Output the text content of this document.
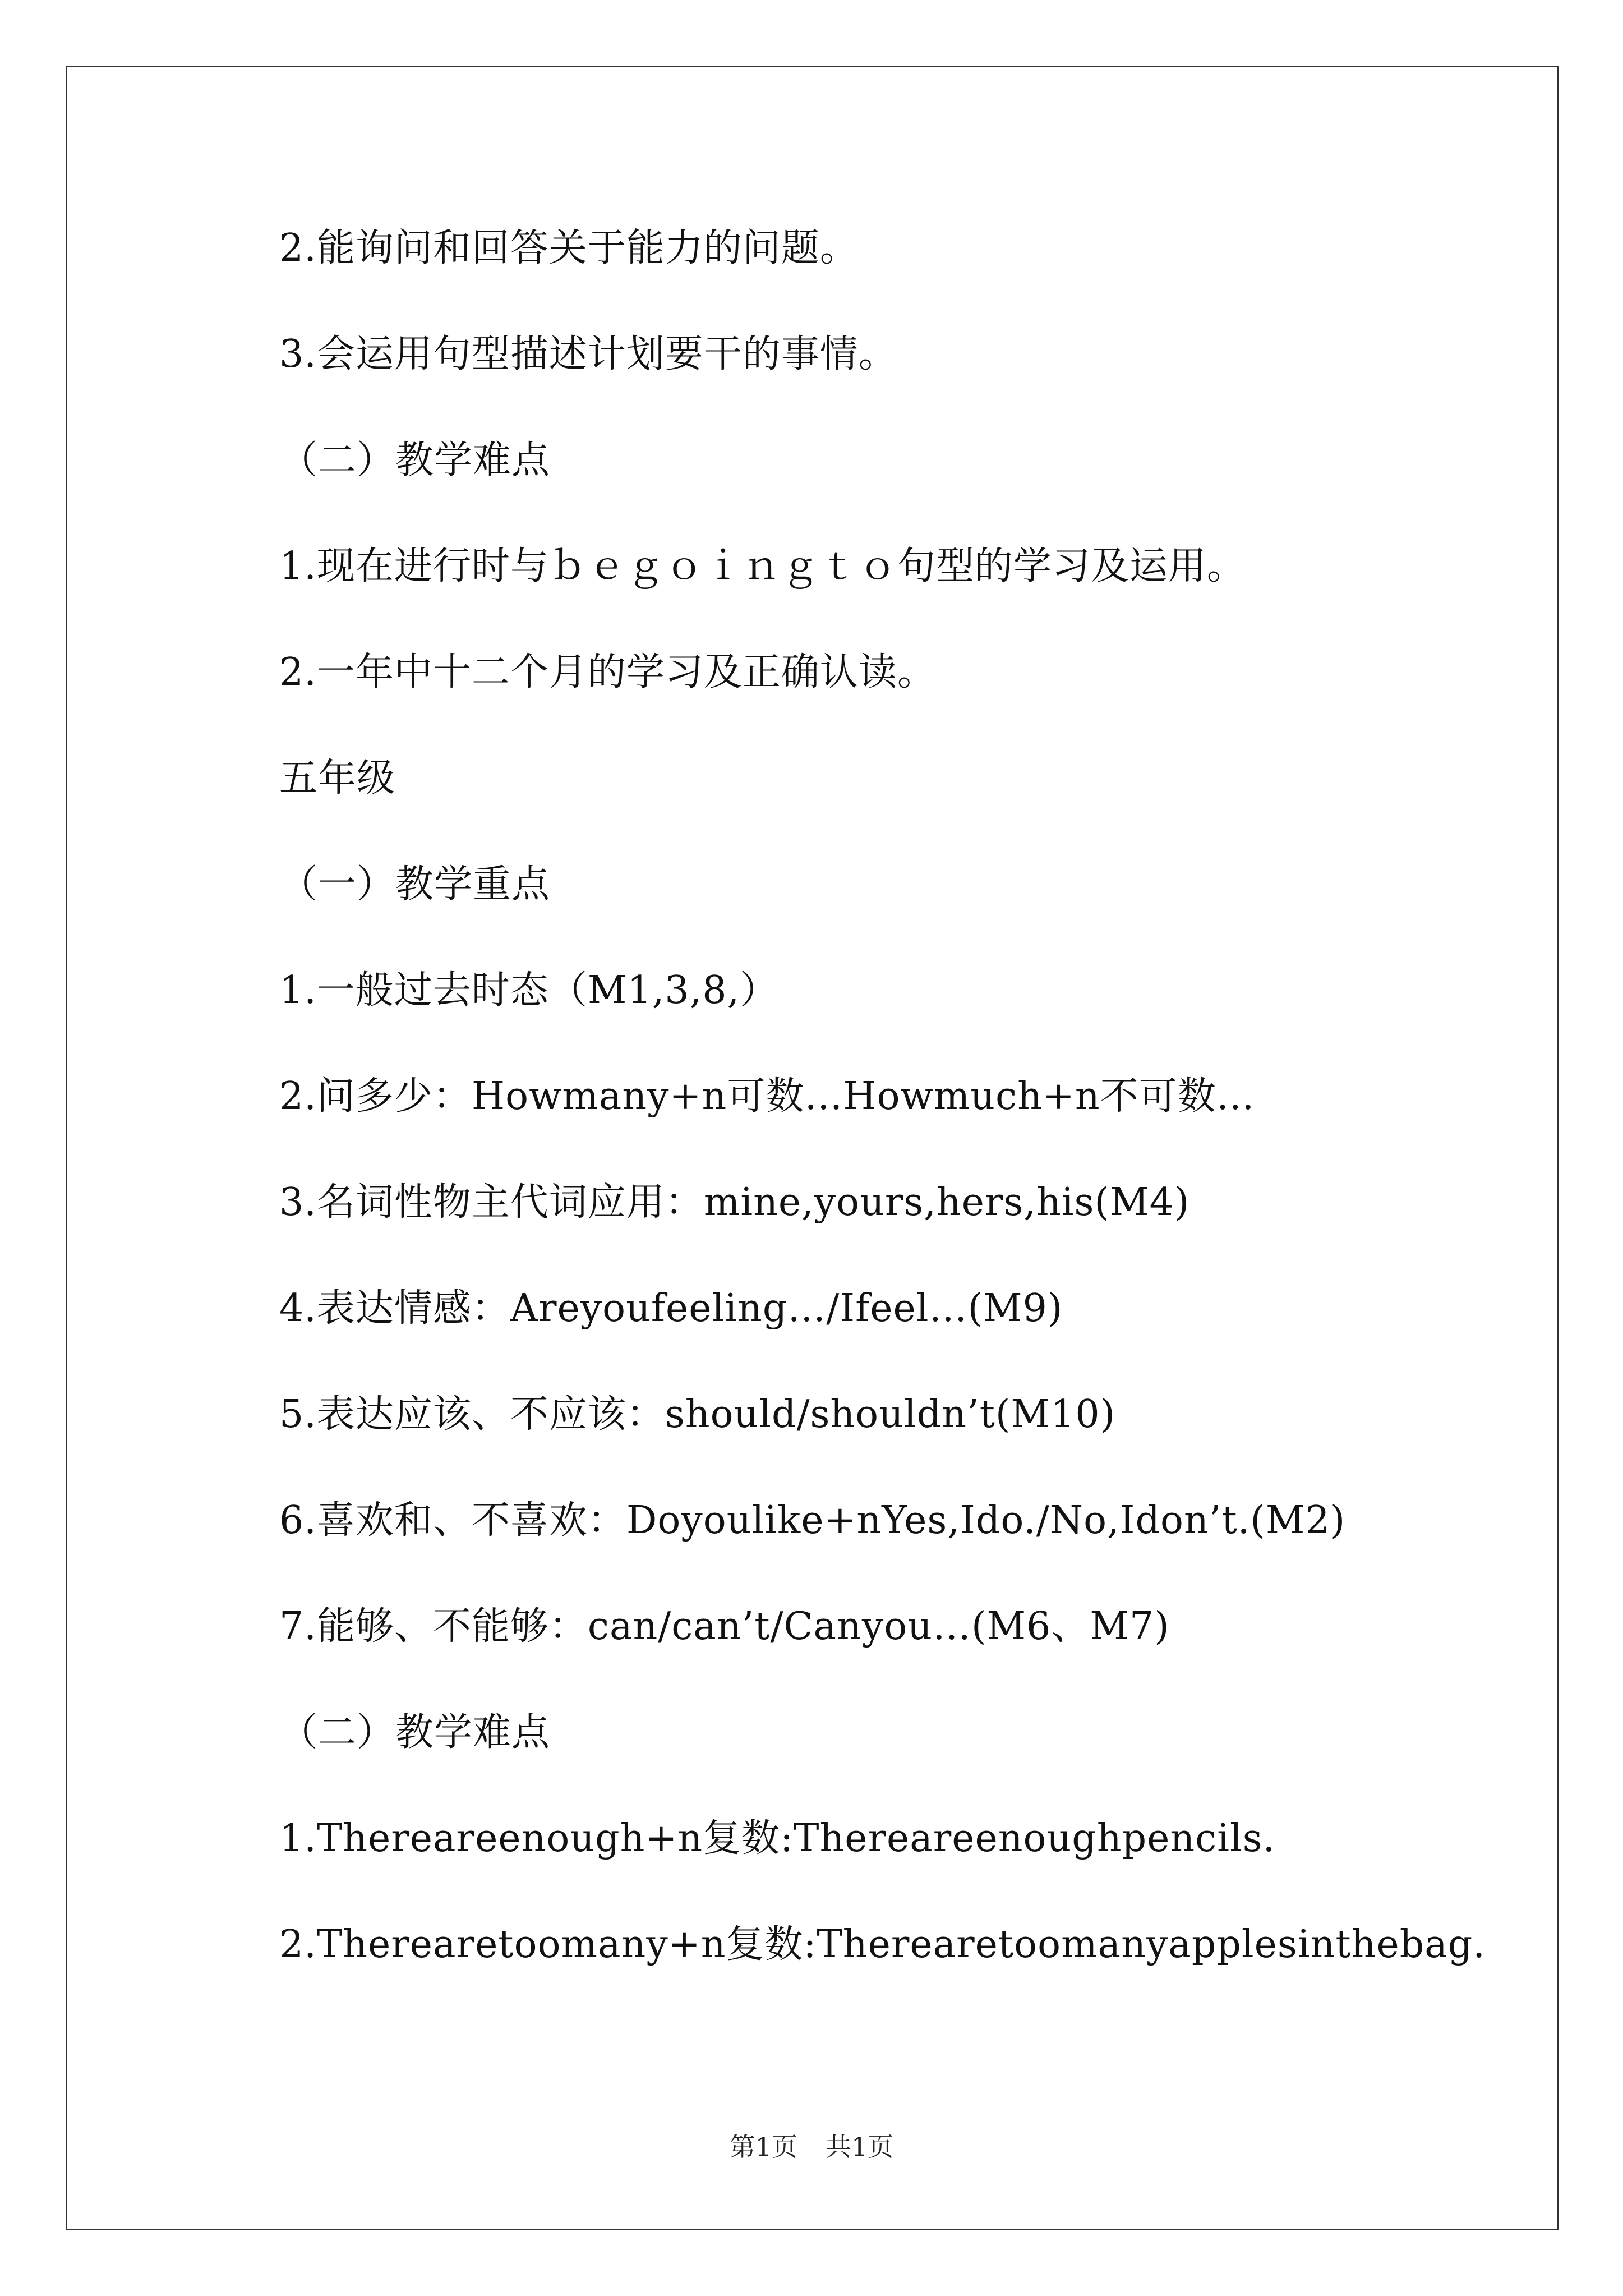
2.能询问和回答关于能力的问题。
3.会运用句型描述计划要干的事情。
（二）教学难点
1.现在进行时与ｂｅｇｏｉｎｇｔｏ句型的学习及运用。
2.一年中十二个月的学习及正确认读。
五年级
（一）教学重点
1.一般过去时态（M1,3,8,）
2.问多少：Howmany+n可数…Howmuch+n不可数…
3.名词性物主代词应用：mine,yours,hers,his(M4)
4.表达情感：Areyoufeeling…/Ifeel…(M9)
5.表达应该、不应该：should/shouldn’t(M10)
6.喜欢和、不喜欢：Doyoulike+nYes,Ido./No,Idon’t.(M2)
7.能够、不能够：can/can’t/Canyou…(M6、M7)
（二）教学难点
1.Thereareenough+n复数:Thereareenoughpencils.
2.Therearetoomany+n复数:Therearetoomanyapplesinthebag.
第1页 共1页
